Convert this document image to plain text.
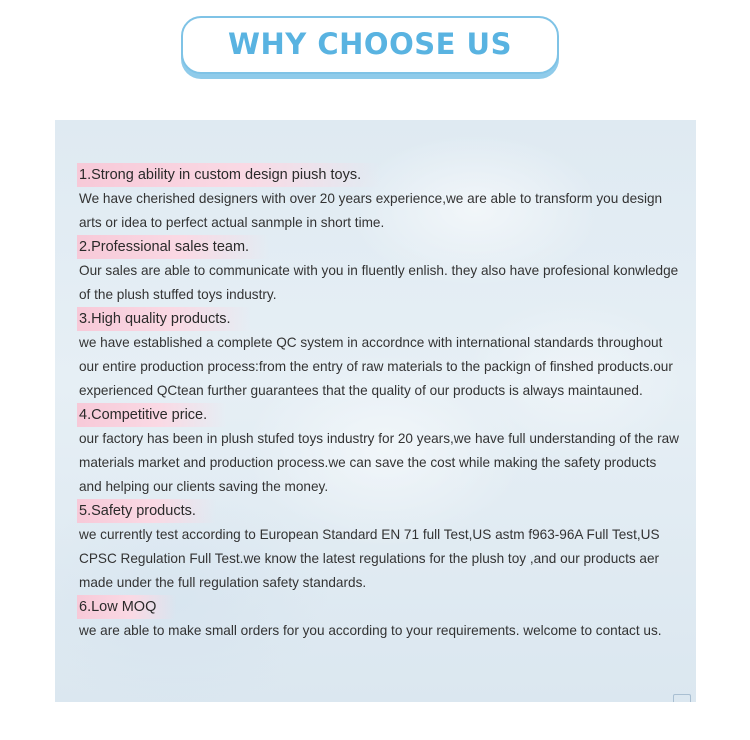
WHY CHOOSE US
1.Strong ability in custom design piush toys.

We have cherished designers with over 20 years experience,we are able to transform you design arts or idea to perfect actual sanmple in short time.

2.Professional sales team.

Our sales are able to communicate with you in fluently enlish. they also have profesional konwledge of the plush stuffed toys industry.

3.High quality products.

we have established a complete QC system in accordnce with international standards throughout our entire production process:from the entry of raw materials to the packign of finshed products.our experienced QCtean further guarantees that the quality of our products is always maintauned.

4.Competitive price.

our factory has been in plush stufed toys industry for 20 years,we have full understanding of the raw materials market and production process.we can save the cost while making the safety products and helping our clients saving the money.

5.Safety products.

we currently test according to European Standard EN 71 full Test,US astm f963-96A Full Test,US CPSC Regulation Full Test.we know the latest regulations for the plush toy ,and our products aer made under the full regulation safety standards.

6.Low MOQ

we are able to make small orders for you according to your requirements. welcome to contact us.
